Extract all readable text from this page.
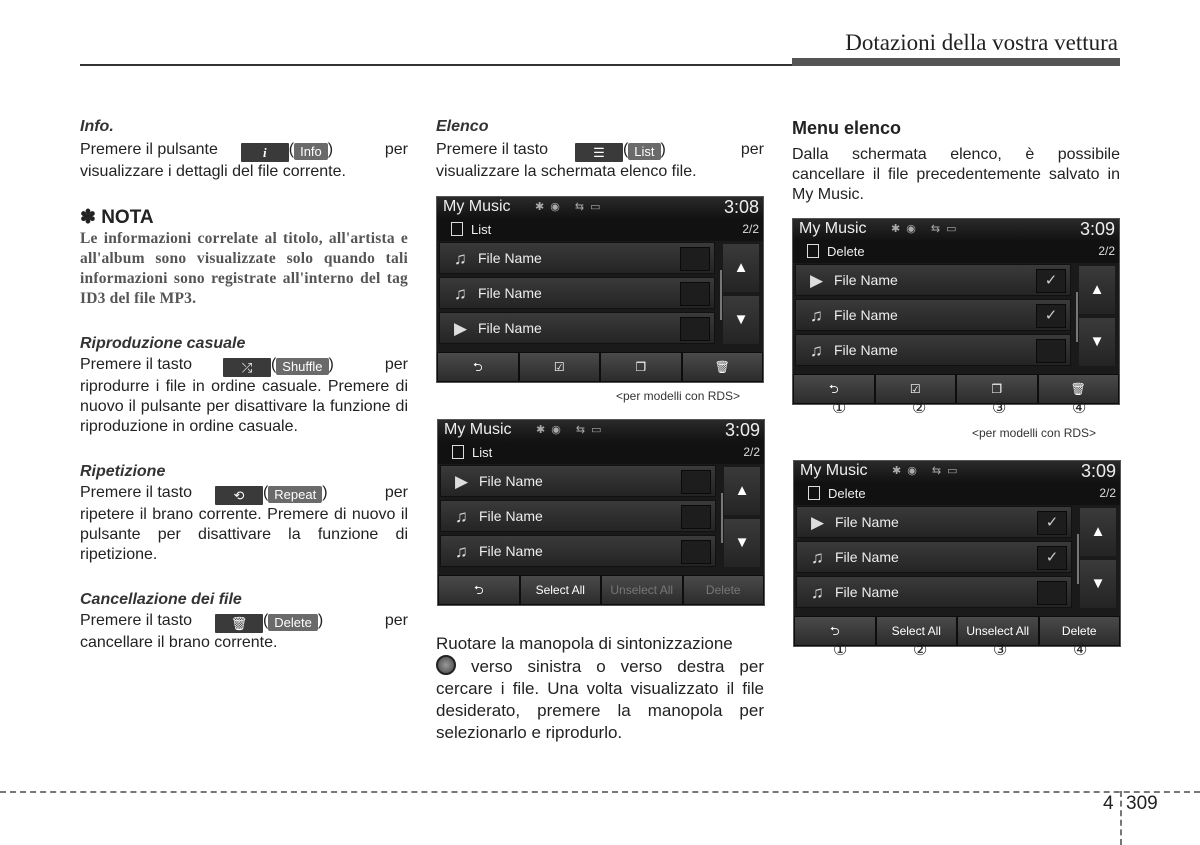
Dotazioni della vostra vettura

Info.

Premere il pulsante	i ( Info )	per

visualizzare i dettagli del file corrente.

✽ NOTA

Le informazioni correlate al titolo, all'artista e all'album sono visualizzate solo quando tali informazioni sono registrate all'interno del tag ID3 del file MP3.

Riproduzione casuale

Premere il tasto	⤮ ( Shuffle )	per

riprodurre i file in ordine casuale. Premere di nuovo il pulsante per disattivare la funzione di riproduzione in ordine casuale.

Ripetizione

Premere il tasto	⟲ ( Repeat )	per

ripetere il brano corrente. Premere di nuovo il pulsante per disattivare la funzione di ripetizione.

Cancellazione dei file

Premere il tasto	🗑 ( Delete )	per

cancellare il brano corrente.

Elenco

Premere il tasto	☰ ( List )	per

visualizzare la schermata elenco file.

<per modelli con RDS>

Ruotare la manopola di sintonizzazione
verso sinistra o verso destra per cercare i file. Una volta visualizzato il file desiderato, premere la manopola per selezionarlo e riprodurlo.

Menu elenco

Dalla schermata elenco, è possibile cancellare il file precedentemente salvato in My Music.

<per modelli con RDS>
My Music ✱◉ ⇆▭	3:08
List	2/2
♫ File Name
♫ File Name
▶ File Name
▲
▼
⮌	☑	❐	🗑
My Music ✱◉ ⇆▭	3:09
List	2/2
▶ File Name
♫ File Name
♫ File Name
▲
▼
⮌	Select All	Unselect All	Delete
My Music ✱◉ ⇆▭	3:09
Delete	2/2
▶ File Name	✓
♫ File Name	✓
♫ File Name
▲
▼
⮌	☑	❐	🗑
①	②	③	④
My Music ✱◉ ⇆▭	3:09
Delete	2/2
▶ File Name	✓
♫ File Name	✓
♫ File Name
▲
▼
⮌	Select All	Unselect All	Delete
①	②	③	④
4 309
